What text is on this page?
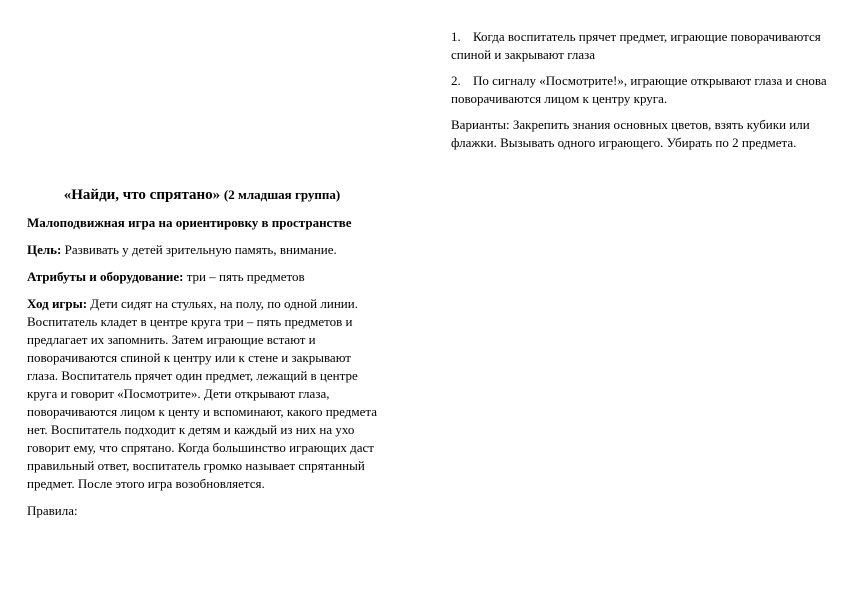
«Найди, что спрятано» (2 младшая группа)

Малоподвижная игра на ориентировку в пространстве

Цель: Развивать у детей зрительную память, внимание.

Атрибуты и оборудование: три – пять предметов

Ход игры: Дети сидят на стульях, на полу, по одной линии. Воспитатель кладет в центре круга три – пять предметов и предлагает их запомнить. Затем играющие встают и поворачиваются спиной к центру или к стене и закрывают глаза. Воспитатель прячет один предмет, лежащий в центре круга и говорит «Посмотрите». Дети открывают глаза, поворачиваются лицом к центу и вспоминают, какого предмета нет. Воспитатель подходит к детям и каждый из них на ухо говорит ему, что спрятано. Когда большинство играющих даст правильный ответ, воспитатель громко называет спрятанный предмет. После этого игра возобновляется.

Правила:

1. Когда воспитатель прячет предмет, играющие поворачиваются спиной и закрывают глаза
2. По сигналу «Посмотрите!», играющие открывают глаза и снова поворачиваются лицом к центру круга.

Варианты: Закрепить знания основных цветов, взять кубики или флажки. Вызывать одного играющего. Убирать по 2 предмета.
